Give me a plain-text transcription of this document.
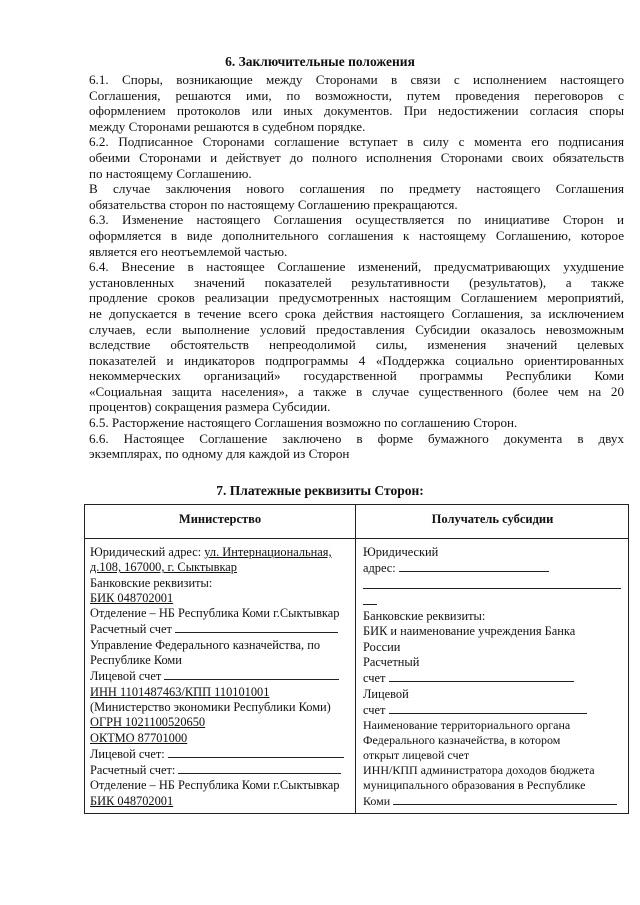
6. Заключительные положения

6.1. Споры, возникающие между Сторонами в связи с исполнением настоящего

Соглашения, решаются ими, по возможности, путем проведения переговоров с

оформлением протоколов или иных документов. При недостижении согласия споры

между Сторонами решаются в судебном порядке.

6.2. Подписанное Сторонами соглашение вступает в силу с момента его подписания

обеими Сторонами и действует до полного исполнения Сторонами своих обязательств

по настоящему Соглашению.

В случае заключения нового соглашения по предмету настоящего Соглашения

обязательства сторон по настоящему Соглашению прекращаются.

6.3. Изменение настоящего Соглашения осуществляется по инициативе Сторон и

оформляется в виде дополнительного соглашения к настоящему Соглашению, которое

является его неотъемлемой частью.

6.4. Внесение в настоящее Соглашение изменений, предусматривающих ухудшение

установленных значений показателей результативности (результатов), а также

продление сроков реализации предусмотренных настоящим Соглашением мероприятий,

не допускается в течение всего срока действия настоящего Соглашения, за исключением

случаев, если выполнение условий предоставления Субсидии оказалось невозможным

вследствие обстоятельств непреодолимой силы, изменения значений целевых

показателей и индикаторов подпрограммы 4 «Поддержка социально ориентированных

некоммерческих организаций» государственной программы Республики Коми

«Социальная защита населения», а также в случае существенного (более чем на 20

процентов) сокращения размера Субсидии.

6.5. Расторжение настоящего Соглашения возможно по соглашению Сторон.

6.6. Настоящее Соглашение заключено в форме бумажного документа в двух

экземплярах, по одному для каждой из Сторон

7. Платежные реквизиты Сторон:
Министерство	Получатель субсидии
Юридический адрес: ул. Интернациональная,
д.108, 167000, г. Сыктывкар
Банковские реквизиты:
БИК 048702001
Отделение – НБ Республика Коми г.Сыктывкар
Расчетный счет
Управление Федерального казначейства, по
Республике Коми
Лицевой счет
ИНН 1101487463/КПП 110101001
(Министерство экономики Республики Коми)
ОГРН 1021100520650
ОКТМО 87701000
Лицевой счет:
Расчетный счет:
Отделение – НБ Республика Коми г.Сыктывкар
БИК 048702001
Юридический
адрес:
Банковские реквизиты:
БИК и наименование учреждения Банка
России
Расчетный
счет
Лицевой
счет
Наименование территориального органа
Федерального казначейства, в котором
открыт лицевой счет
ИНН/КПП администратора доходов бюджета
муниципального образования в Республике
Коми
